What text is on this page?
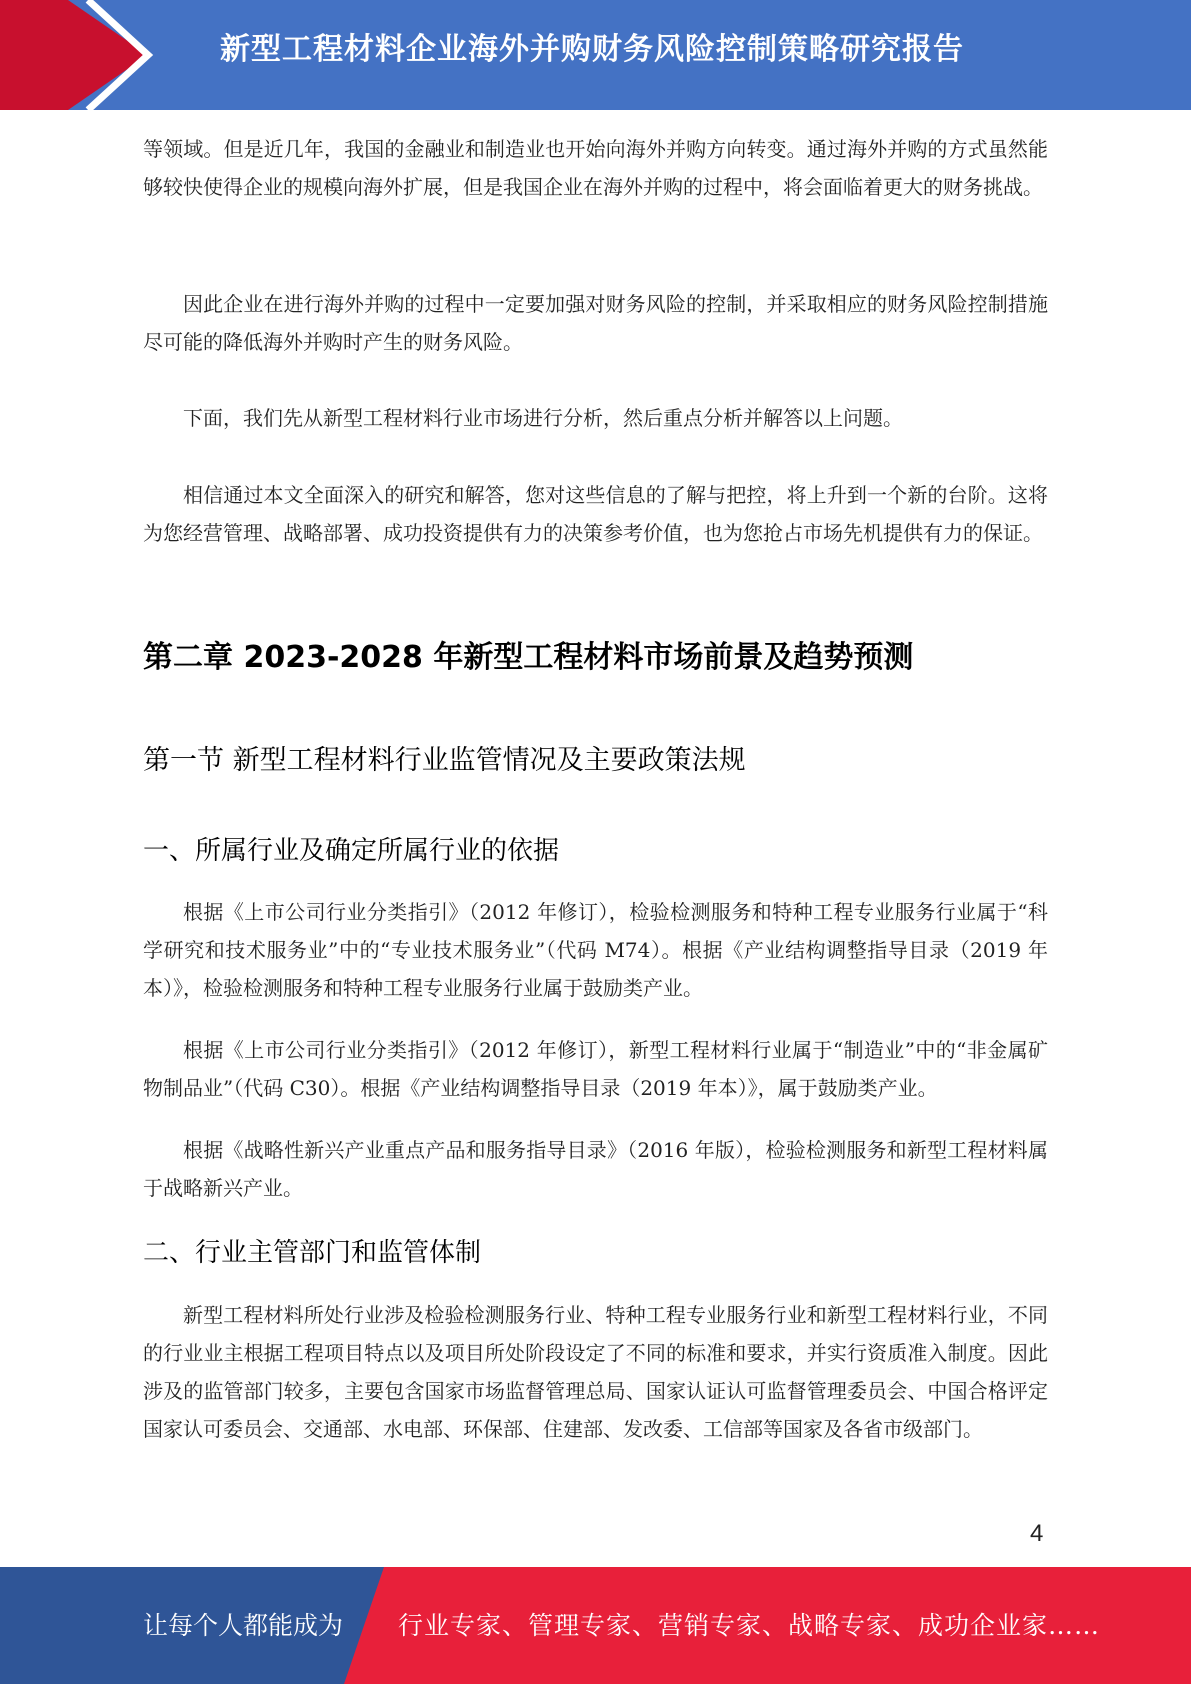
新型工程材料企业海外并购财务风险控制策略研究报告

等领域。但是近几年，我国的金融业和制造业也开始向海外并购方向转变。通过海外并购的方式虽然能够较快使得企业的规模向海外扩展，但是我国企业在海外并购的过程中，将会面临着更大的财务挑战。

因此企业在进行海外并购的过程中一定要加强对财务风险的控制，并采取相应的财务风险控制措施尽可能的降低海外并购时产生的财务风险。

下面，我们先从新型工程材料行业市场进行分析，然后重点分析并解答以上问题。

相信通过本文全面深入的研究和解答，您对这些信息的了解与把控，将上升到一个新的台阶。这将为您经营管理、战略部署、成功投资提供有力的决策参考价值，也为您抢占市场先机提供有力的保证。

第二章 2023-2028 年新型工程材料市场前景及趋势预测
第一节 新型工程材料行业监管情况及主要政策法规
一、所属行业及确定所属行业的依据

根据《上市公司行业分类指引》（2012 年修订），检验检测服务和特种工程专业服务行业属于“科学研究和技术服务业”中的“专业技术服务业”（代码 M74）。根据《产业结构调整指导目录（2019 年本）》，检验检测服务和特种工程专业服务行业属于鼓励类产业。

根据《上市公司行业分类指引》（2012 年修订），新型工程材料行业属于“制造业”中的“非金属矿物制品业”（代码 C30）。根据《产业结构调整指导目录（2019 年本）》，属于鼓励类产业。

根据《战略性新兴产业重点产品和服务指导目录》（2016 年版），检验检测服务和新型工程材料属于战略新兴产业。

二、行业主管部门和监管体制

新型工程材料所处行业涉及检验检测服务行业、特种工程专业服务行业和新型工程材料行业，不同的行业业主根据工程项目特点以及项目所处阶段设定了不同的标准和要求，并实行资质准入制度。因此涉及的监管部门较多，主要包含国家市场监督管理总局、国家认证认可监督管理委员会、中国合格评定国家认可委员会、交通部、水电部、环保部、住建部、发改委、工信部等国家及各省市级部门。

4
让每个人都能成为 行业专家、管理专家、营销专家、战略专家、成功企业家……
